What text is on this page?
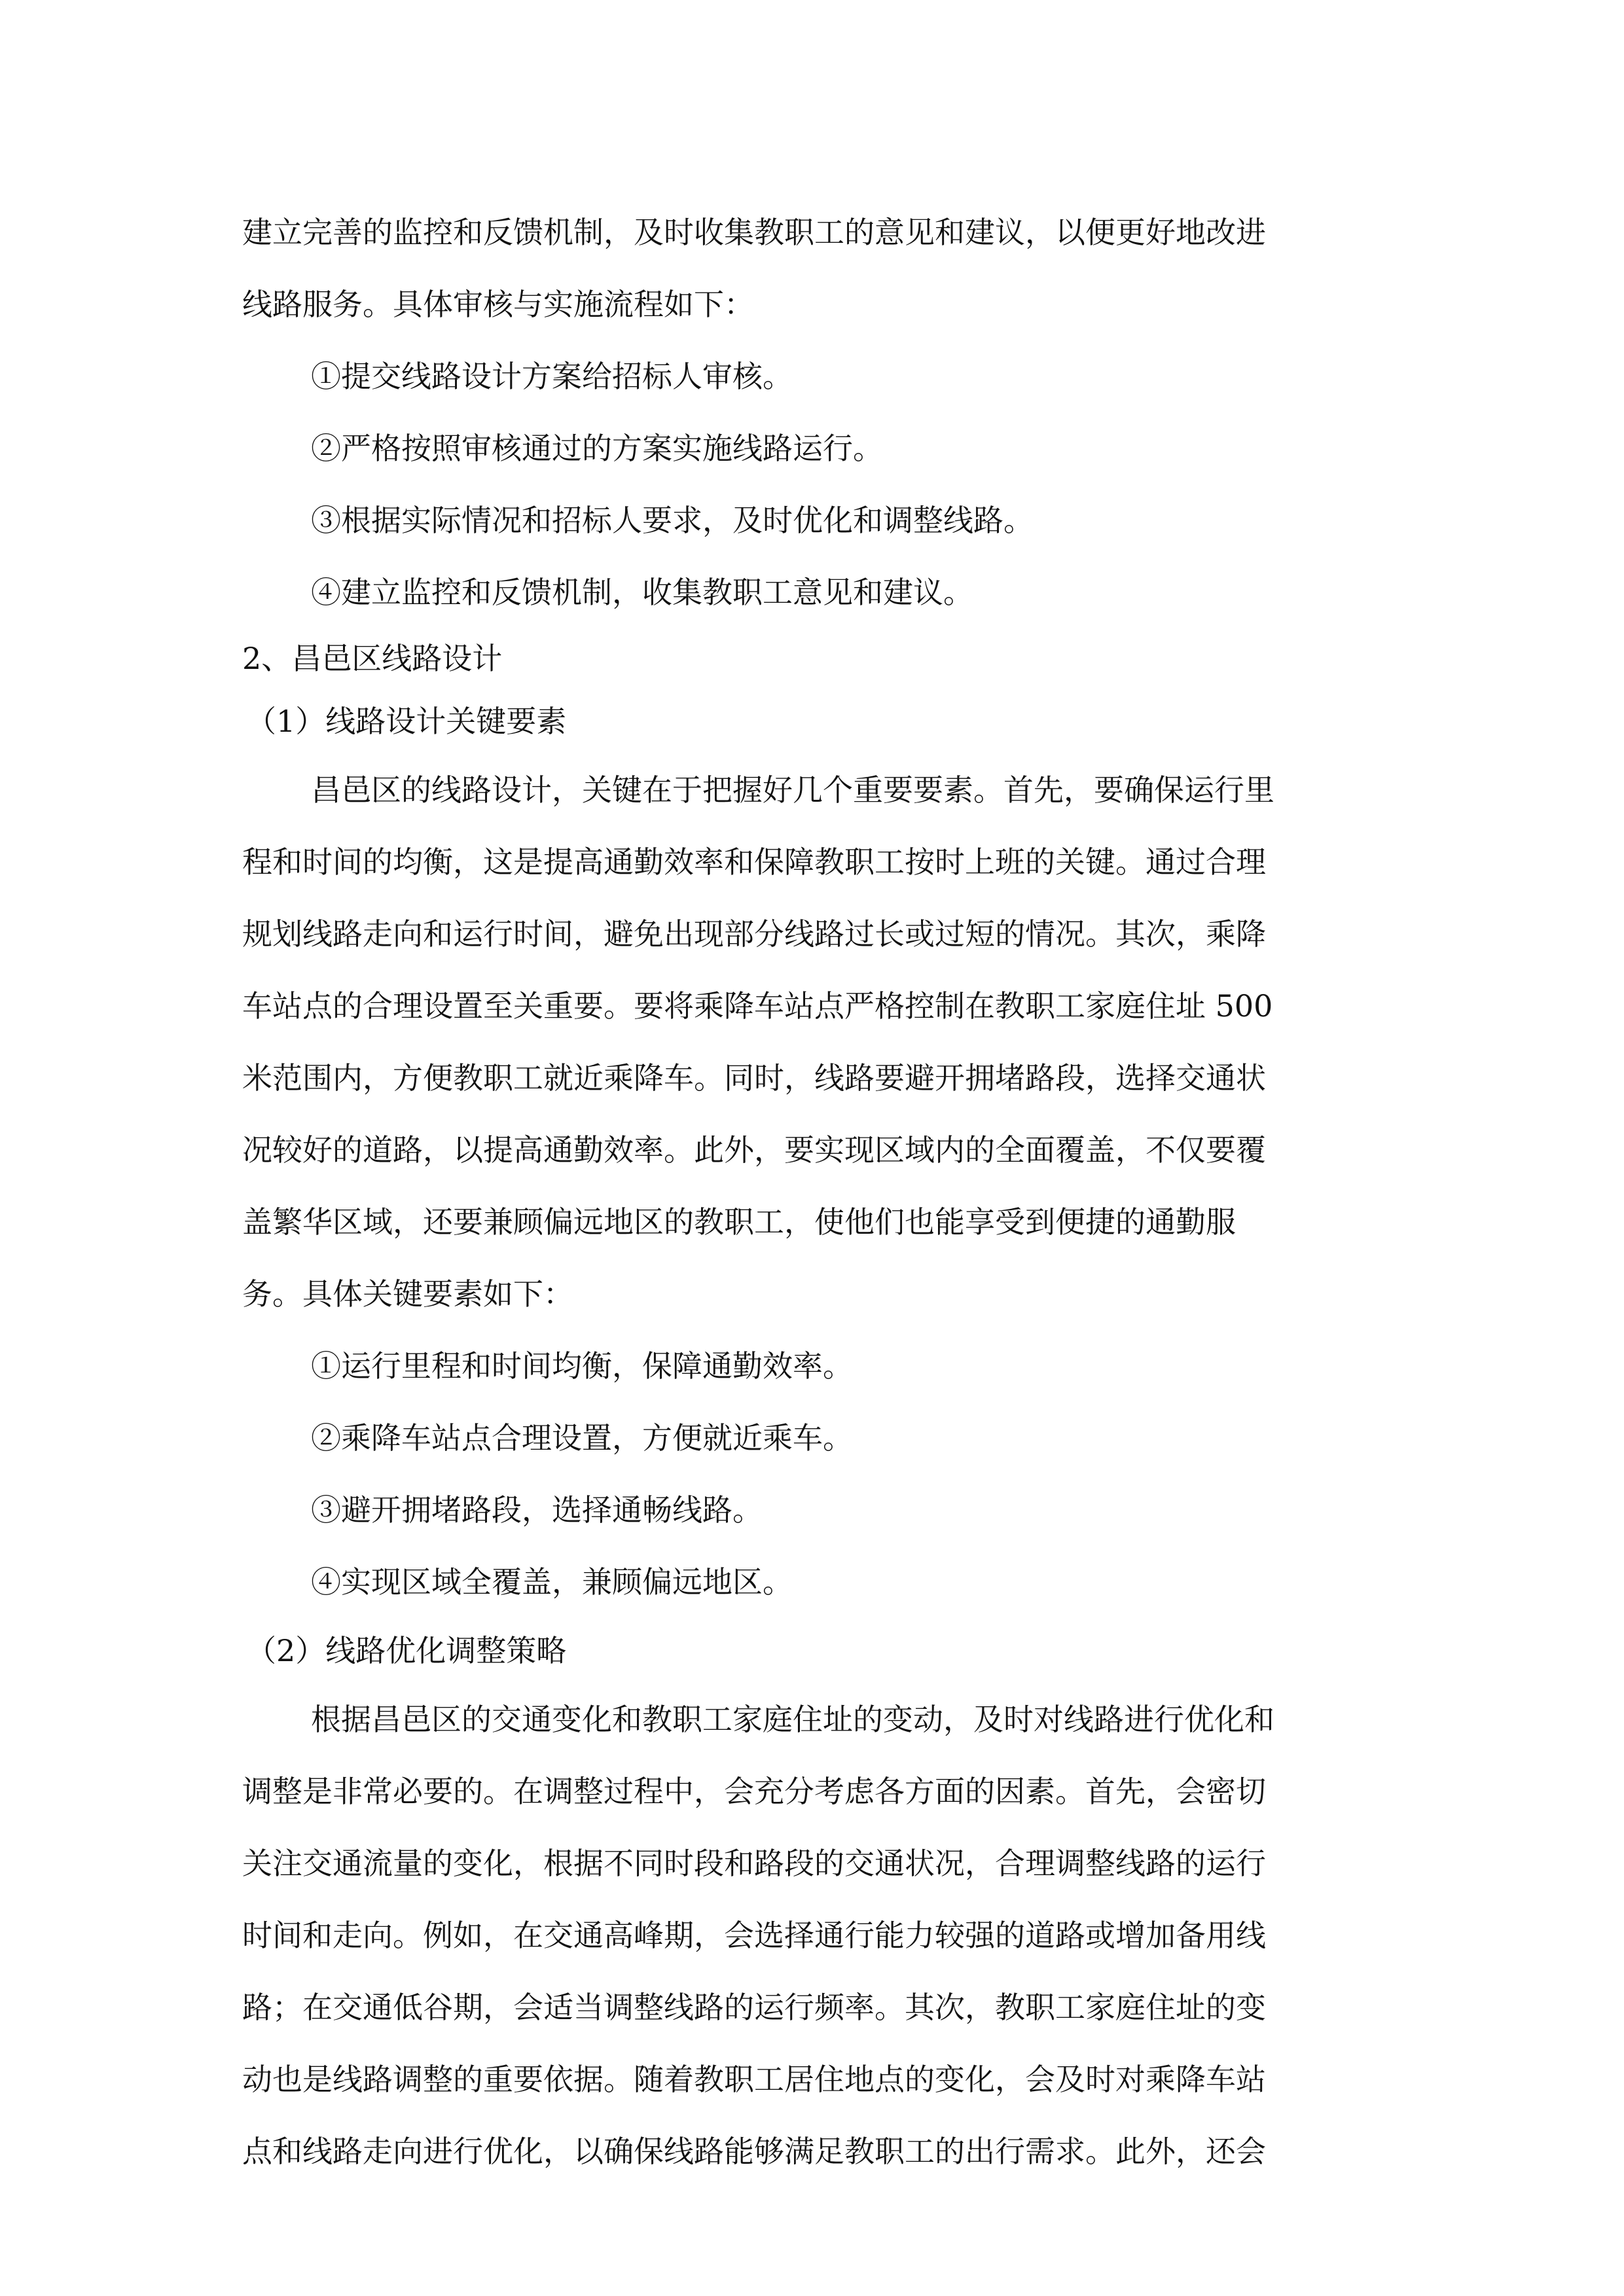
建立完善的监控和反馈机制，及时收集教职工的意见和建议，以便更好地改进
线路服务。具体审核与实施流程如下：
①提交线路设计方案给招标人审核。
②严格按照审核通过的方案实施线路运行。
③根据实际情况和招标人要求，及时优化和调整线路。
④建立监控和反馈机制，收集教职工意见和建议。
2、昌邑区线路设计
（1）线路设计关键要素
昌邑区的线路设计，关键在于把握好几个重要要素。首先，要确保运行里
程和时间的均衡，这是提高通勤效率和保障教职工按时上班的关键。通过合理
规划线路走向和运行时间，避免出现部分线路过长或过短的情况。其次，乘降
车站点的合理设置至关重要。要将乘降车站点严格控制在教职工家庭住址 500
米范围内，方便教职工就近乘降车。同时，线路要避开拥堵路段，选择交通状
况较好的道路，以提高通勤效率。此外，要实现区域内的全面覆盖，不仅要覆
盖繁华区域，还要兼顾偏远地区的教职工，使他们也能享受到便捷的通勤服
务。具体关键要素如下：
①运行里程和时间均衡，保障通勤效率。
②乘降车站点合理设置，方便就近乘车。
③避开拥堵路段，选择通畅线路。
④实现区域全覆盖，兼顾偏远地区。
（2）线路优化调整策略
根据昌邑区的交通变化和教职工家庭住址的变动，及时对线路进行优化和
调整是非常必要的。在调整过程中，会充分考虑各方面的因素。首先，会密切
关注交通流量的变化，根据不同时段和路段的交通状况，合理调整线路的运行
时间和走向。例如，在交通高峰期，会选择通行能力较强的道路或增加备用线
路；在交通低谷期，会适当调整线路的运行频率。其次，教职工家庭住址的变
动也是线路调整的重要依据。随着教职工居住地点的变化，会及时对乘降车站
点和线路走向进行优化，以确保线路能够满足教职工的出行需求。此外，还会
